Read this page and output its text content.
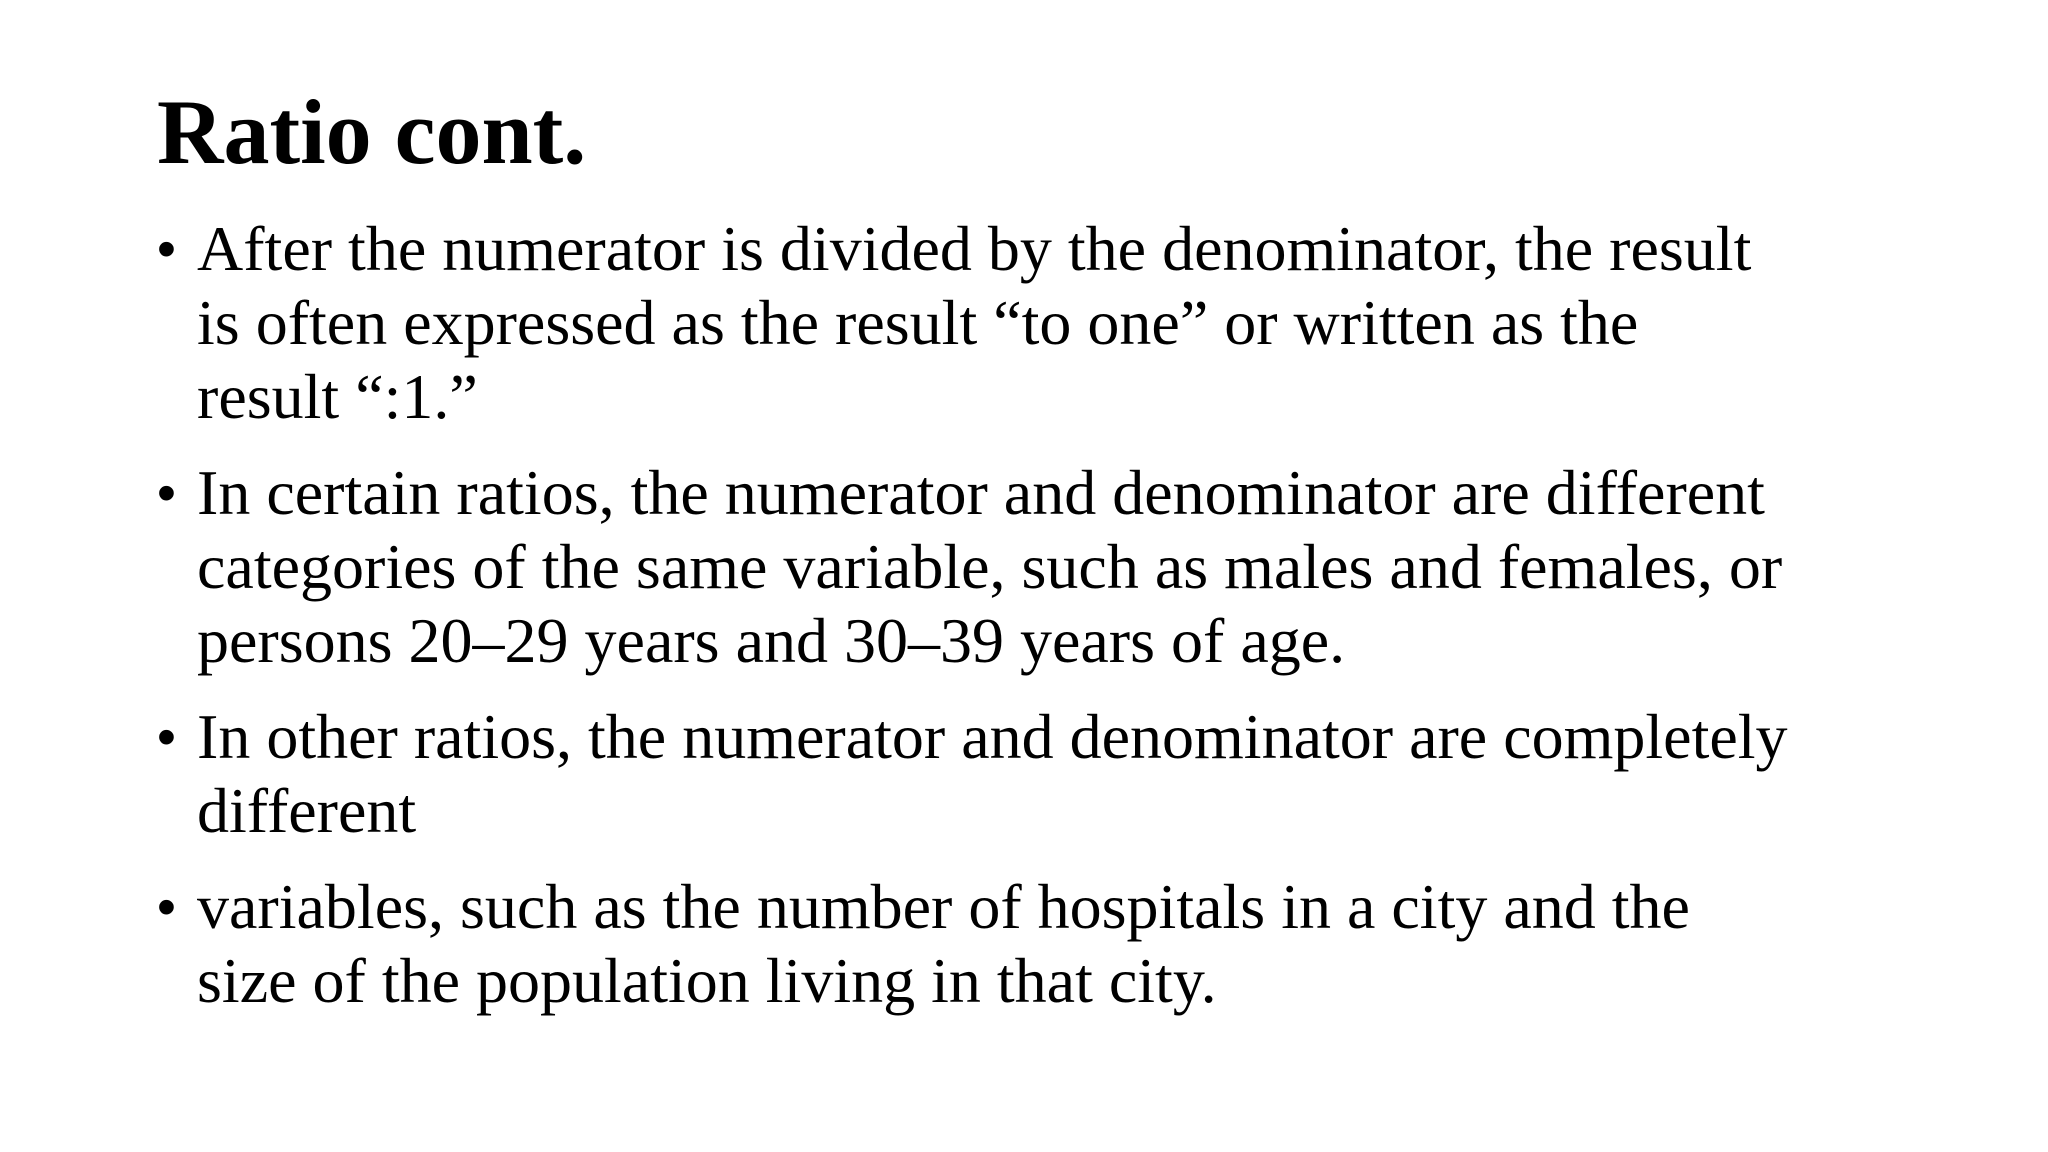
Ratio cont.
• After the numerator is divided by the denominator, the result
is often expressed as the result “to one” or written as the
result “:1.”
• In certain ratios, the numerator and denominator are different
categories of the same variable, such as males and females, or
persons 20–29 years and 30–39 years of age.
• In other ratios, the numerator and denominator are completely
different
• variables, such as the number of hospitals in a city and the
size of the population living in that city.
